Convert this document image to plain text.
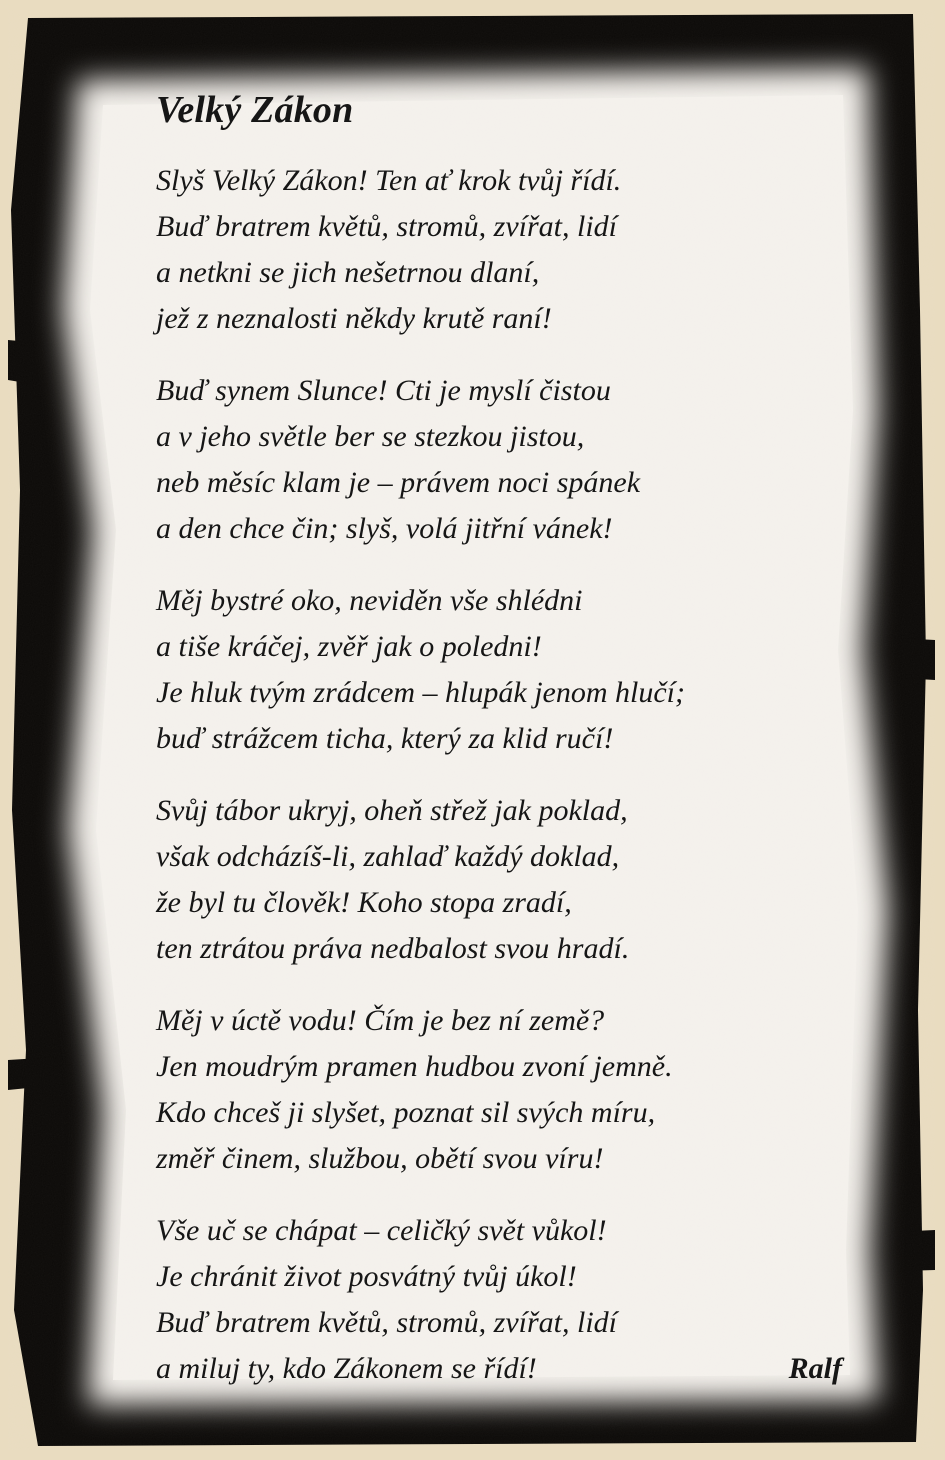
Velký Zákon
Slyš Velký Zákon! Ten ať krok tvůj řídí.
Buď bratrem květů, stromů, zvířat, lidí
a netkni se jich nešetrnou dlaní,
jež z neznalosti někdy krutě raní!
Buď synem Slunce! Cti je myslí čistou
a v jeho světle ber se stezkou jistou,
neb měsíc klam je – právem noci spánek
a den chce čin; slyš, volá jitřní vánek!
Měj bystré oko, neviděn vše shlédni
a tiše kráčej, zvěř jak o poledni!
Je hluk tvým zrádcem – hlupák jenom hlučí;
buď strážcem ticha, který za klid ručí!
Svůj tábor ukryj, oheň střež jak poklad,
však odcházíš-li, zahlaď každý doklad,
že byl tu člověk! Koho stopa zradí,
ten ztrátou práva nedbalost svou hradí.
Měj v úctě vodu! Čím je bez ní země?
Jen moudrým pramen hudbou zvoní jemně.
Kdo chceš ji slyšet, poznat sil svých míru,
změř činem, službou, obětí svou víru!
Vše uč se chápat – celičký svět vůkol!
Je chránit život posvátný tvůj úkol!
Buď bratrem květů, stromů, zvířat, lidí
a miluj ty, kdo Zákonem se řídí!	Ralf
